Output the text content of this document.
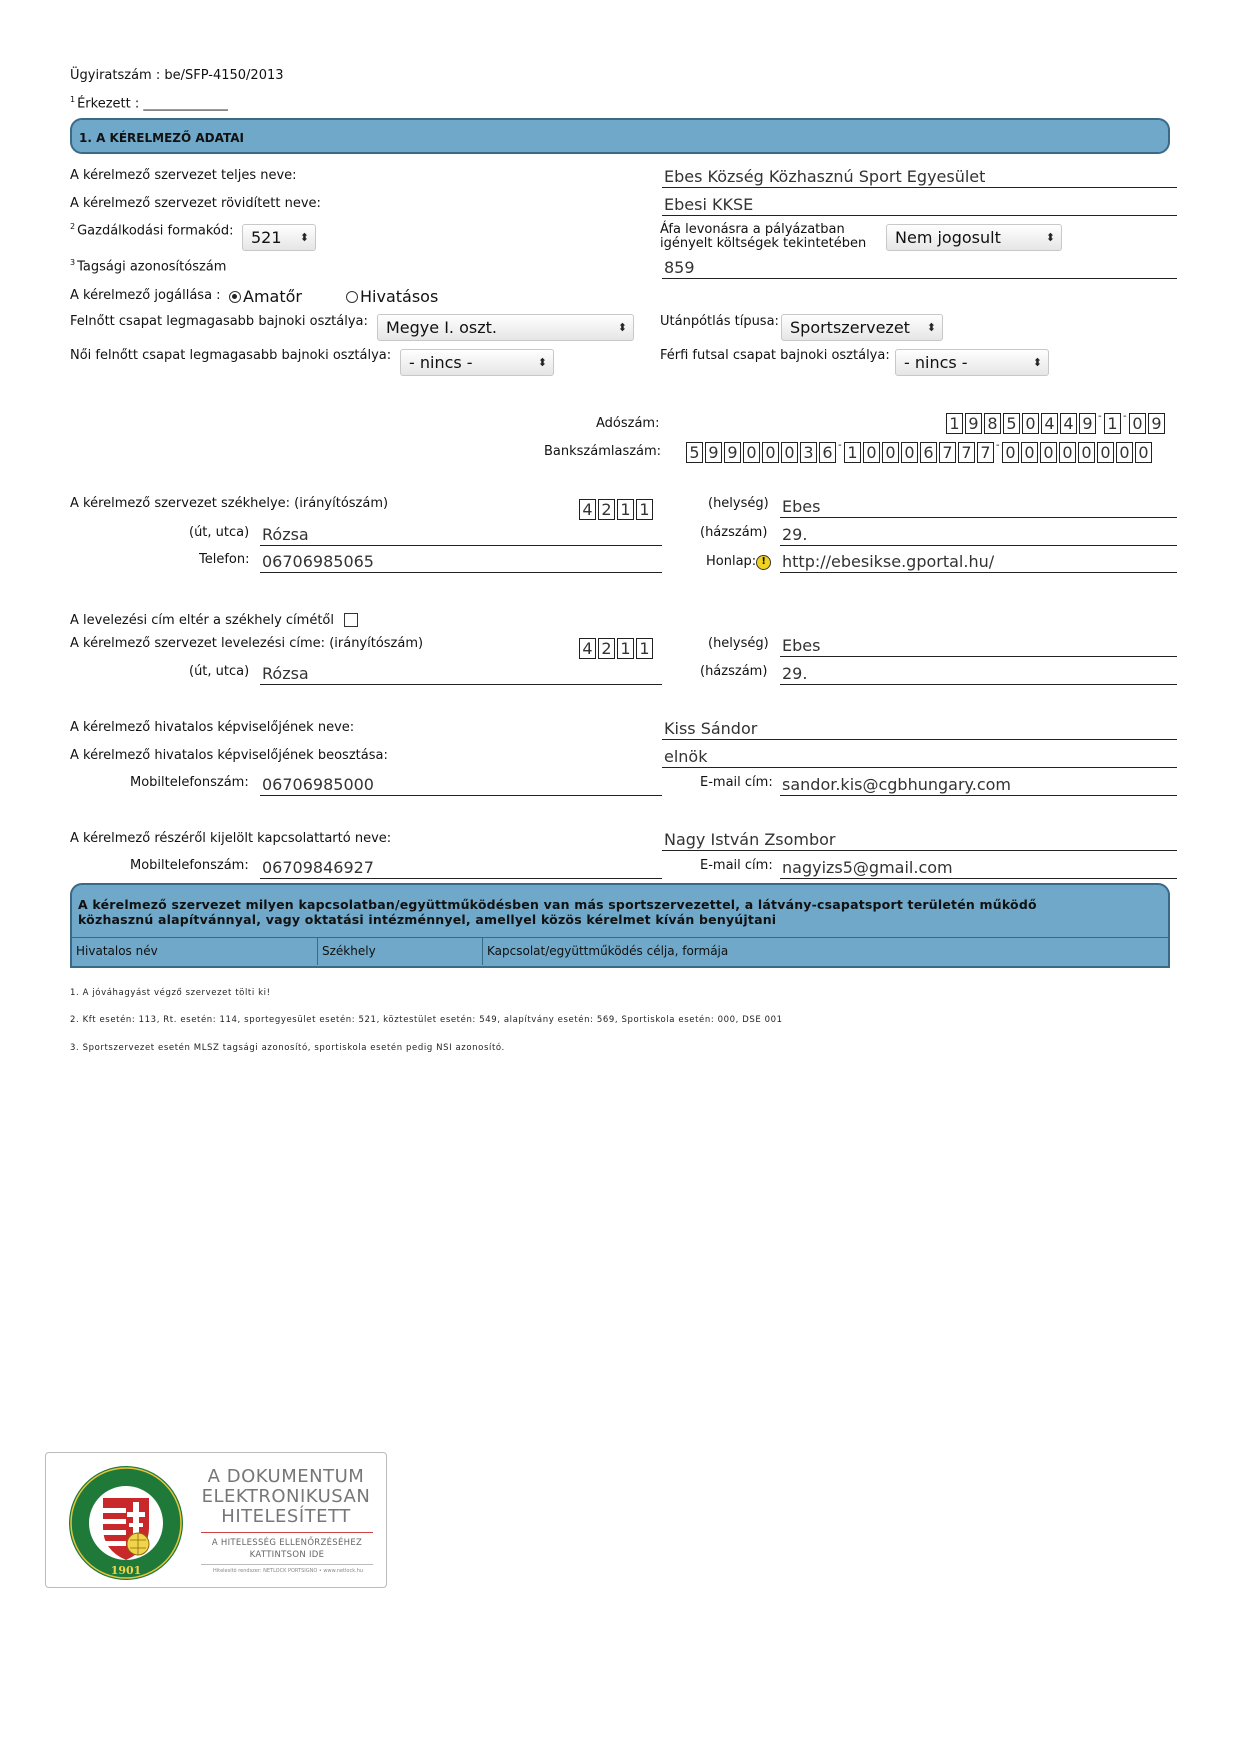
Ügyiratszám : be/SFP-4150/2013
$^1$ Érkezett : _____________
1. A KÉRELMEZŐ ADATAI
A kérelmező szervezet teljes neve:	Ebes Község Közhasznú Sport Egyesület
A kérelmező szervezet rövidített neve:	Ebesi KKSE
$^2$ Gazdálkodási formakód:	521 ⬍
Áfa levonásra a pályázatban
igényelt költségek tekintetében	Nem jogosult	⬍
$^3$ Tagsági azonosítószám	859
A kérelmező jogállása :	Amatőr	Hivatásos
Felnőtt csapat legmagasabb bajnoki osztálya:	Megye I. oszt.	⬍	Utánpótlás típusa: Sportszervezet ⬍
Női felnőtt csapat legmagasabb bajnoki osztálya:	- nincs -	⬍	Férfi futsal csapat bajnoki osztálya: - nincs -	⬍
Adószám:	1 9 8 5 0 4 4 9 - 1 - 0 9
Bankszámlaszám: 5 9 9 0 0 0 3 6 - 1 0 0 0 6 7 7 7 - 0 0 0 0 0 0 0 0
A kérelmező szervezet székhelye: (irányítószám)	4 2 1 1	(helység) Ebes
(út, utca) Rózsa	(házszám) 29.
Telefon: 06706985065	Honlap: !	http://ebesikse.gportal.hu/
A levelezési cím eltér a székhely címétől
A kérelmező szervezet levelezési címe: (irányítószám)	4 2 1 1	(helység) Ebes
(út, utca) Rózsa	(házszám) 29.
A kérelmező hivatalos képviselőjének neve:	Kiss Sándor
A kérelmező hivatalos képviselőjének beosztása:	elnök
Mobiltelefonszám: 06706985000	E-mail cím: sandor.kis@cgbhungary.com
A kérelmező részéről kijelölt kapcsolattartó neve:	Nagy István Zsombor
Mobiltelefonszám: 06709846927	E-mail cím: nagyizs5@gmail.com
A kérelmező szervezet milyen kapcsolatban/együttműködésben van más sportszervezettel, a látvány-csapatsport területén működő
közhasznú alapítvánnyal, vagy oktatási intézménnyel, amellyel közös kérelmet kíván benyújtani
Hivatalos név	Székhely	Kapcsolat/együttműködés célja, formája
1. A jóváhagyást végző szervezet tölti ki!
2. Kft esetén: 113, Rt. esetén: 114, sportegyesület esetén: 521, köztestület esetén: 549, alapítvány esetén: 569, Sportiskola esetén: 000, DSE 001
3. Sportszervezet esetén MLSZ tagsági azonosító, sportiskola esetén pedig NSI azonosító.
1901
A DOKUMENTUM
ELEKTRONIKUSAN
HITELESÍTETT
A HITELESSÉG ELLENŐRZÉSÉHEZ
KATTINTSON IDE
Hitelesítő rendszer: NETLOCK PORTSIGNO • www.netlock.hu
